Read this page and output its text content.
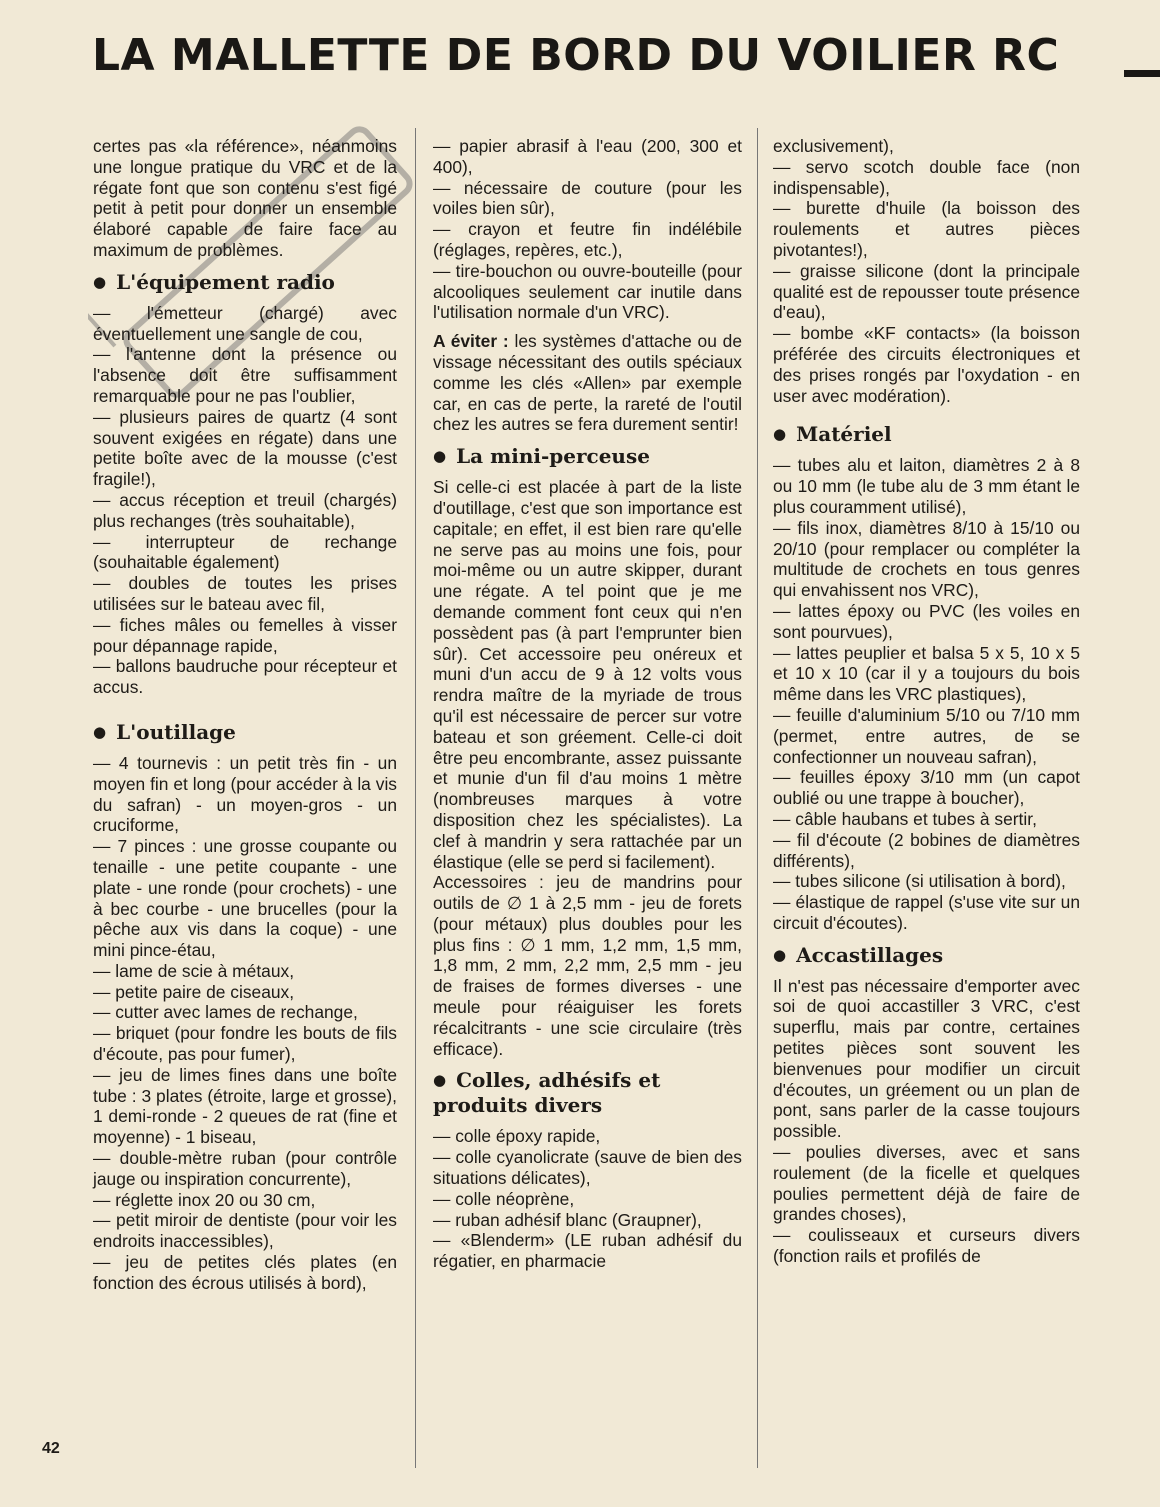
LA MALLETTE DE BORD DU VOILIER RC

certes pas «la référence», néanmoins une longue pratique du VRC et de la régate font que son contenu s'est figé petit à petit pour donner un ensemble élaboré capable de faire face au maximum de problèmes.

● L'équipement radio

— l'émetteur (chargé) avec éventuellement une sangle de cou,

— l'antenne dont la présence ou l'absence doit être suffisamment remarquable pour ne pas l'oublier,

— plusieurs paires de quartz (4 sont souvent exigées en régate) dans une petite boîte avec de la mousse (c'est fragile!),

— accus réception et treuil (chargés) plus rechanges (très souhaitable),

— interrupteur de rechange (souhaitable également)

— doubles de toutes les prises utilisées sur le bateau avec fil,

— fiches mâles ou femelles à visser pour dépannage rapide,

— ballons baudruche pour récepteur et accus.

● L'outillage

— 4 tournevis : un petit très fin - un moyen fin et long (pour accéder à la vis du safran) - un moyen-gros - un cruciforme,

— 7 pinces : une grosse coupante ou tenaille - une petite coupante - une plate - une ronde (pour crochets) - une à bec courbe - une brucelles (pour la pêche aux vis dans la coque) - une mini pince-étau,

— lame de scie à métaux,

— petite paire de ciseaux,

— cutter avec lames de rechange,

— briquet (pour fondre les bouts de fils d'écoute, pas pour fumer),

— jeu de limes fines dans une boîte tube : 3 plates (étroite, large et grosse), 1 demi-ronde - 2 queues de rat (fine et moyenne) - 1 biseau,

— double-mètre ruban (pour contrôle jauge ou inspiration concurrente),

— réglette inox 20 ou 30 cm,

— petit miroir de dentiste (pour voir les endroits inaccessibles),

— jeu de petites clés plates (en fonction des écrous utilisés à bord),

— papier abrasif à l'eau (200, 300 et 400),

— nécessaire de couture (pour les voiles bien sûr),

— crayon et feutre fin indélébile (réglages, repères, etc.),

— tire-bouchon ou ouvre-bouteille (pour alcooliques seulement car inutile dans l'utilisation normale d'un VRC).

A éviter : les systèmes d'attache ou de vissage nécessitant des outils spéciaux comme les clés «Allen» par exemple car, en cas de perte, la rareté de l'outil chez les autres se fera durement sentir!

● La mini-perceuse

Si celle-ci est placée à part de la liste d'outillage, c'est que son importance est capitale; en effet, il est bien rare qu'elle ne serve pas au moins une fois, pour moi-même ou un autre skipper, durant une régate. A tel point que je me demande comment font ceux qui n'en possèdent pas (à part l'emprunter bien sûr). Cet accessoire peu onéreux et muni d'un accu de 9 à 12 volts vous rendra maître de la myriade de trous qu'il est nécessaire de percer sur votre bateau et son gréement. Celle-ci doit être peu encombrante, assez puissante et munie d'un fil d'au moins 1 mètre (nombreuses marques à votre disposition chez les spécialistes). La clef à mandrin y sera rattachée par un élastique (elle se perd si facilement).

Accessoires : jeu de mandrins pour outils de ∅ 1 à 2,5 mm - jeu de forets (pour métaux) plus doubles pour les plus fins : ∅ 1 mm, 1,2 mm, 1,5 mm, 1,8 mm, 2 mm, 2,2 mm, 2,5 mm - jeu de fraises de formes diverses - une meule pour réaiguiser les forets récalcitrants - une scie circulaire (très efficace).

● Colles, adhésifs et produits divers

— colle époxy rapide,

— colle cyanolicrate (sauve de bien des situations délicates),

— colle néoprène,

— ruban adhésif blanc (Graupner),

— «Blenderm» (LE ruban adhésif du régatier, en pharmacie

exclusivement),

— servo scotch double face (non indispensable),

— burette d'huile (la boisson des roulements et autres pièces pivotantes!),

— graisse silicone (dont la principale qualité est de repousser toute présence d'eau),

— bombe «KF contacts» (la boisson préférée des circuits électroniques et des prises rongés par l'oxydation - en user avec modération).

● Matériel

— tubes alu et laiton, diamètres 2 à 8 ou 10 mm (le tube alu de 3 mm étant le plus couramment utilisé),

— fils inox, diamètres 8/10 à 15/10 ou 20/10 (pour remplacer ou compléter la multitude de crochets en tous genres qui envahissent nos VRC),

— lattes époxy ou PVC (les voiles en sont pourvues),

— lattes peuplier et balsa 5 x 5, 10 x 5 et 10 x 10 (car il y a toujours du bois même dans les VRC plastiques),

— feuille d'aluminium 5/10 ou 7/10 mm (permet, entre autres, de se confectionner un nouveau safran),

— feuilles époxy 3/10 mm (un capot oublié ou une trappe à boucher),

— câble haubans et tubes à sertir,

— fil d'écoute (2 bobines de diamètres différents),

— tubes silicone (si utilisation à bord),

— élastique de rappel (s'use vite sur un circuit d'écoutes).

● Accastillages

Il n'est pas nécessaire d'emporter avec soi de quoi accastiller 3 VRC, c'est superflu, mais par contre, certaines petites pièces sont souvent les bienvenues pour modifier un circuit d'écoutes, un gréement ou un plan de pont, sans parler de la casse toujours possible.

— poulies diverses, avec et sans roulement (de la ficelle et quelques poulies permettent déjà de faire de grandes choses),

— coulisseaux et curseurs divers (fonction rails et profilés de

42
